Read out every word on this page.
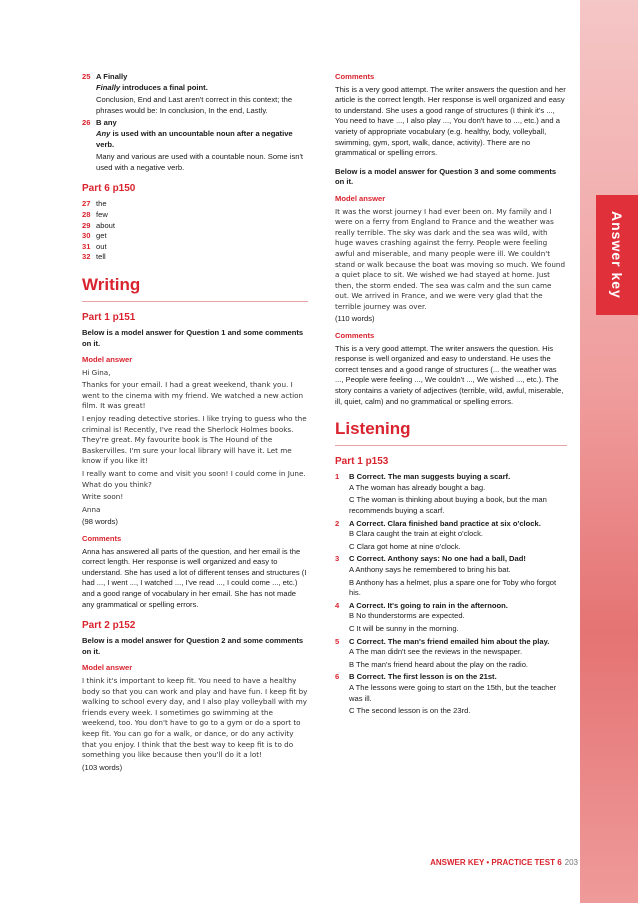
Answer key
25 A Finally

Finally introduces a final point.

Conclusion, End and Last aren't correct in this context; the phrases would be: In conclusion, In the end, Lastly.

26 B any

Any is used with an uncountable noun after a negative verb.

Many and various are used with a countable noun. Some isn't used with a negative verb.

Part 6 p150
27 the
28 few
29 about
30 get
31 out
32 tell
Writing
Part 1 p151

Below is a model answer for Question 1 and some comments on it.

Model answer

Hi Gina,

Thanks for your email. I had a great weekend, thank you. I went to the cinema with my friend. We watched a new action film. It was great!

I enjoy reading detective stories. I like trying to guess who the criminal is! Recently, I've read the Sherlock Holmes books. They're great. My favourite book is The Hound of the Baskervilles. I'm sure your local library will have it. Let me know if you like it!

I really want to come and visit you soon! I could come in June. What do you think?

Write soon!

Anna

(98 words)

Comments

Anna has answered all parts of the question, and her email is the correct length. Her response is well organized and easy to understand. She has used a lot of different tenses and structures (I had ..., I went ..., I watched ..., I've read ..., I could come ..., etc.) and a good range of vocabulary in her email. She has not made any grammatical or spelling errors.

Part 2 p152

Below is a model answer for Question 2 and some comments on it.

Model answer

I think it's important to keep fit. You need to have a healthy body so that you can work and play and have fun. I keep fit by walking to school every day, and I also play volleyball with my friends every week. I sometimes go swimming at the weekend, too. You don't have to go to a gym or do a sport to keep fit. You can go for a walk, or dance, or do any activity that you enjoy. I think that the best way to keep fit is to do something you like because then you'll do it a lot!

(103 words)

Comments

This is a very good attempt. The writer answers the question and her article is the correct length. Her response is well organized and easy to understand. She uses a good range of structures (I think it's ..., You need to have ..., I also play ..., You don't have to ..., etc.) and a variety of appropriate vocabulary (e.g. healthy, body, volleyball, swimming, gym, sport, walk, dance, activity). There are no grammatical or spelling errors.

Below is a model answer for Question 3 and some comments on it.

Model answer

It was the worst journey I had ever been on. My family and I were on a ferry from England to France and the weather was really terrible. The sky was dark and the sea was wild, with huge waves crashing against the ferry. People were feeling awful and miserable, and many people were ill. We couldn't stand or walk because the boat was moving so much. We found a quiet place to sit. We wished we had stayed at home. Just then, the storm ended. The sea was calm and the sun came out. We arrived in France, and we were very glad that the terrible journey was over.

(110 words)

Comments

This is a very good attempt. The writer answers the question. His response is well organized and easy to understand. He uses the correct tenses and a good range of structures (... the weather was ..., People were feeling ..., We couldn't ..., We wished ..., etc.). The story contains a variety of adjectives (terrible, wild, awful, miserable, ill, quiet, calm) and no grammatical or spelling errors.

Listening
Part 1 p153
1	B Correct. The man suggests buying a scarf.

A The woman has already bought a bag.

C The woman is thinking about buying a book, but the man recommends buying a scarf.

2	A Correct. Clara finished band practice at six o'clock.

B Clara caught the train at eight o'clock.

C Clara got home at nine o'clock.

3	C Correct. Anthony says: No one had a ball, Dad!

A Anthony says he remembered to bring his bat.

B Anthony has a helmet, plus a spare one for Toby who forgot his.

4	A Correct. It's going to rain in the afternoon.

B No thunderstorms are expected.

C It will be sunny in the morning.

5	C Correct. The man's friend emailed him about the play.

A The man didn't see the reviews in the newspaper.

B The man's friend heard about the play on the radio.

6	B Correct. The first lesson is on the 21st.

A The lessons were going to start on the 15th, but the teacher was ill.

C The second lesson is on the 23rd.

ANSWER KEY • PRACTICE TEST 6 203
